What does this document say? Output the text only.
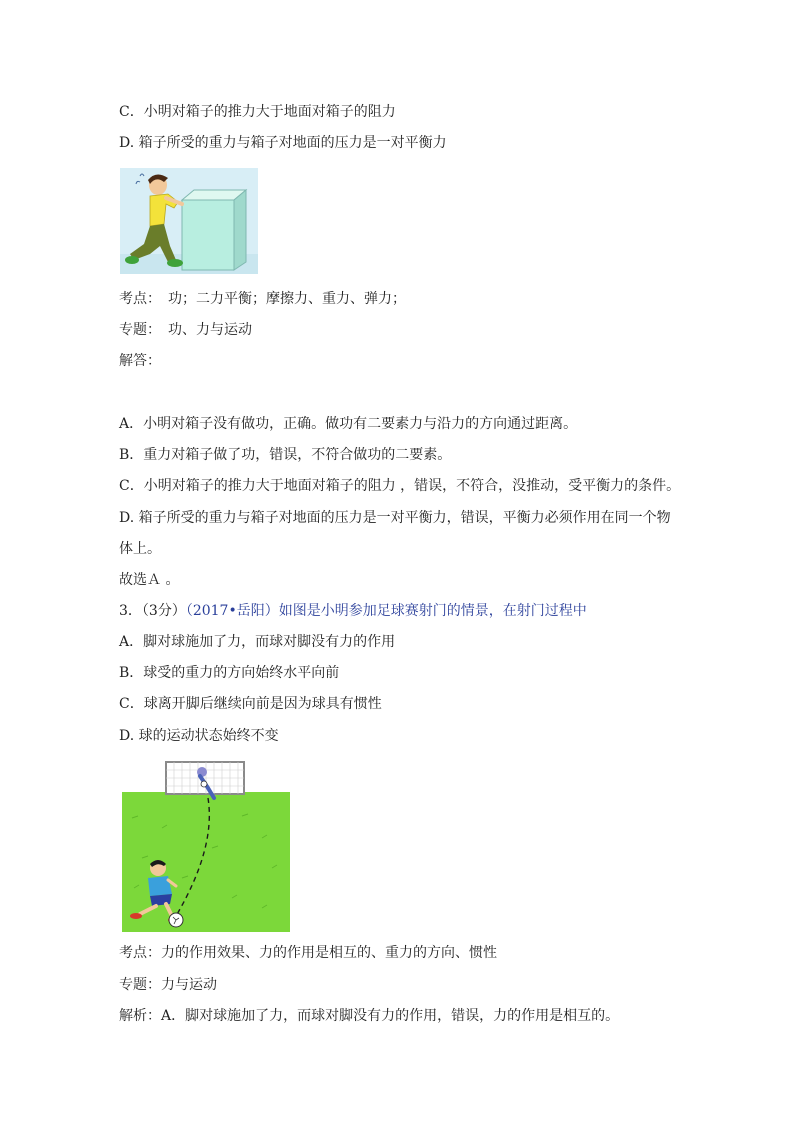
C．小明对箱子的推力大于地面对箱子的阻力
D. 箱子所受的重力与箱子对地面的压力是一对平衡力
考点：　功；二力平衡；摩擦力、重力、弹力；
专题：　功、力与运动
解答：
A．小明对箱子没有做功，正确。做功有二要素力与沿力的方向通过距离。
B．重力对箱子做了功，错误，不符合做功的二要素。
C．小明对箱子的推力大于地面对箱子的阻力 ，错误，不符合，没推动，受平衡力的条件。
D. 箱子所受的重力与箱子对地面的压力是一对平衡力，错误，平衡力必须作用在同一个物
体上。
故选Ａ 。
3．（3分）（2017•岳阳）如图是小明参加足球赛射门的情景，在射门过程中
A．脚对球施加了力，而球对脚没有力的作用
B．球受的重力的方向始终水平向前
C．球离开脚后继续向前是因为球具有惯性
D. 球的运动状态始终不变
考点：力的作用效果、力的作用是相互的、重力的方向、惯性
专题：力与运动
解析：A．脚对球施加了力，而球对脚没有力的作用，错误，力的作用是相互的。
